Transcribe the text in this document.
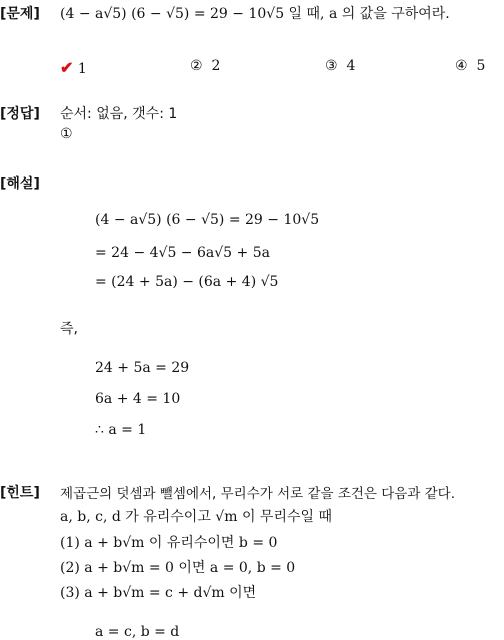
[문제] (4 − a√5) (6 − √5) = 29 − 10√5 일 때, a 의 값을 구하여라.
✔ 1	② 2	③ 4	④ 5
[정답] 순서: 없음, 갯수: 1
①
[해설]
(4 − a√5) (6 − √5) = 29 − 10√5
= 24 − 4√5 − 6a√5 + 5a
= (24 + 5a) − (6a + 4) √5
즉,
24 + 5a = 29
6a + 4 = 10
∴ a = 1
[힌트] 제곱근의 덧셈과 뺄셈에서, 무리수가 서로 같을 조건은 다음과 같다.
a, b, c, d 가 유리수이고 √m 이 무리수일 때
(1) a + b√m 이 유리수이면 b = 0
(2) a + b√m = 0 이면 a = 0, b = 0
(3) a + b√m = c + d√m 이면
a = c, b = d
